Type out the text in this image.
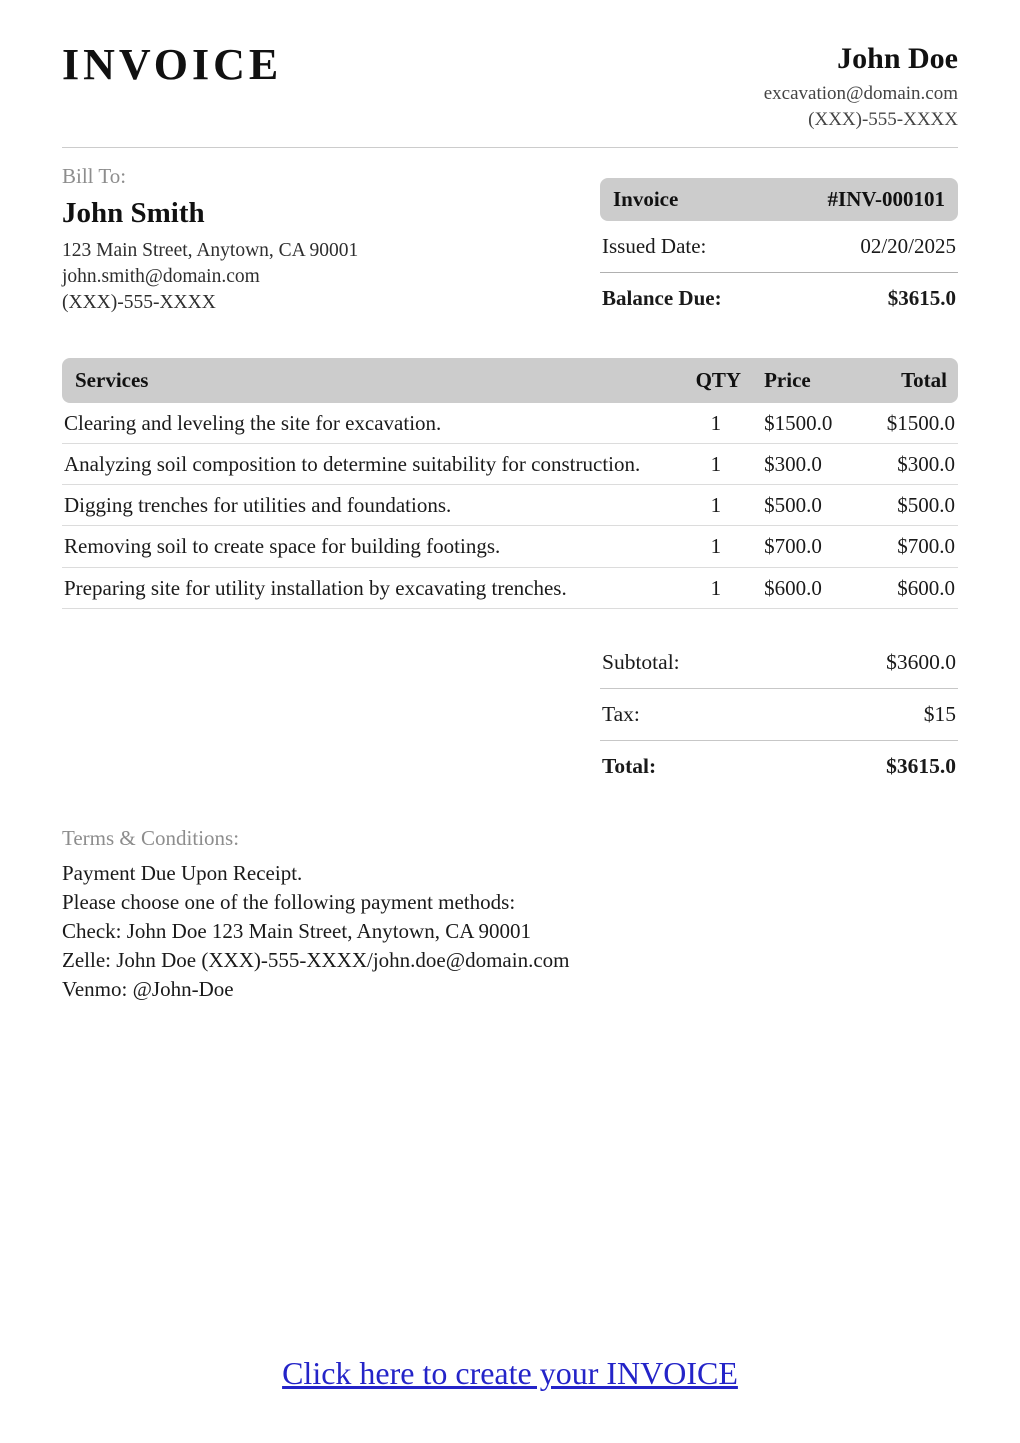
INVOICE	John Doe
excavation@domain.com
(XXX)-555-XXXX
Bill To:
John Smith
123 Main Street, Anytown, CA 90001
john.smith@domain.com
(XXX)-555-XXXX
Invoice	#INV-000101
Issued Date:	02/20/2025
Balance Due:	$3615.0
Services	QTY	Price	Total
Clearing and leveling the site for excavation.	1	$1500.0	$1500.0
Analyzing soil composition to determine suitability for construction.	1	$300.0	$300.0
Digging trenches for utilities and foundations.	1	$500.0	$500.0
Removing soil to create space for building footings.	1	$700.0	$700.0
Preparing site for utility installation by excavating trenches.	1	$600.0	$600.0
Subtotal:	$3600.0
Tax:	$15
Total:	$3615.0
Terms & Conditions:
Payment Due Upon Receipt.
Please choose one of the following payment methods:
Check: John Doe 123 Main Street, Anytown, CA 90001
Zelle: John Doe (XXX)-555-XXXX/john.doe@domain.com
Venmo: @John-Doe
Click here to create your INVOICE
